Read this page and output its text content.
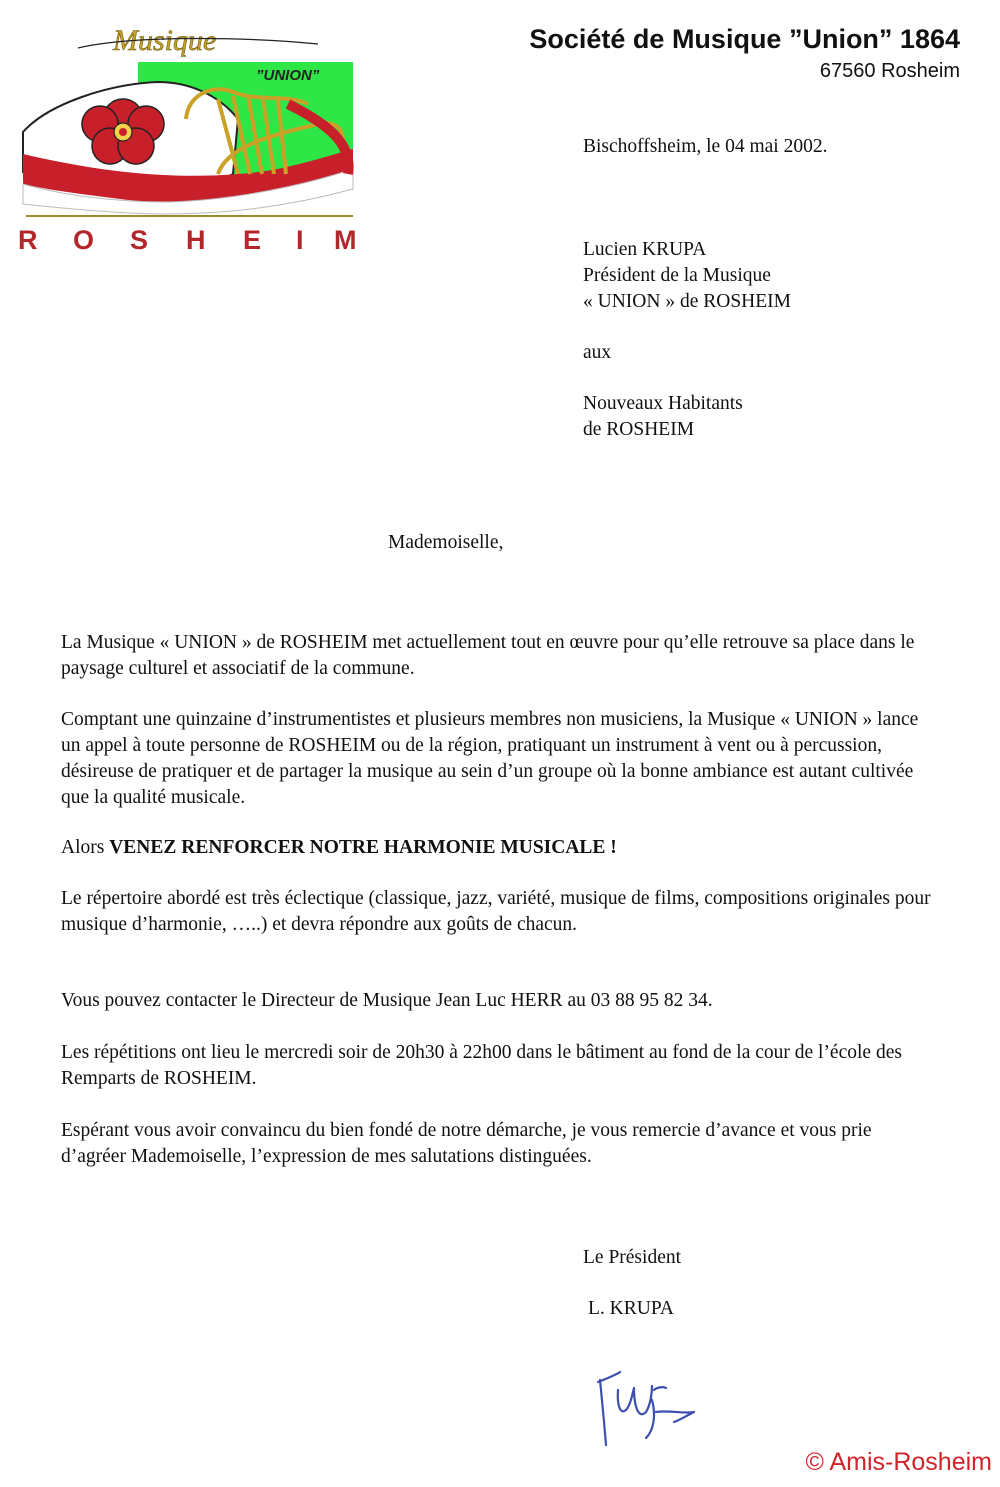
Société de Musique ”Union” 1864
67560 Rosheim
Musique
”UNION”
R O S H E I M
Bischoffsheim, le 04 mai 2002.
Lucien KRUPA
Président de la Musique
« UNION » de ROSHEIM
aux
Nouveaux Habitants
de ROSHEIM
Mademoiselle,

La Musique « UNION » de ROSHEIM met actuellement tout en œuvre pour qu’elle retrouve sa place dans le paysage culturel et associatif de la commune.

Comptant une quinzaine d’instrumentistes et plusieurs membres non musiciens, la Musique « UNION » lance un appel à toute personne de ROSHEIM ou de la région, pratiquant un instrument à vent ou à percussion, désireuse de pratiquer et de partager la musique au sein d’un groupe où la bonne ambiance est autant cultivée que la qualité musicale.

Alors VENEZ RENFORCER NOTRE HARMONIE MUSICALE !

Le répertoire abordé est très éclectique (classique, jazz, variété, musique de films, compositions originales pour musique d’harmonie, …..) et devra répondre aux goûts de chacun.

Vous pouvez contacter le Directeur de Musique Jean Luc HERR au 03 88 95 82 34.

Les répétitions ont lieu le mercredi soir de 20h30 à 22h00 dans le bâtiment au fond de la cour de l’école des Remparts de ROSHEIM.

Espérant vous avoir convaincu du bien fondé de notre démarche, je vous remercie d’avance et vous prie d’agréer Mademoiselle, l’expression de mes salutations distinguées.

Le Président
L. KRUPA
© Amis-Rosheim
